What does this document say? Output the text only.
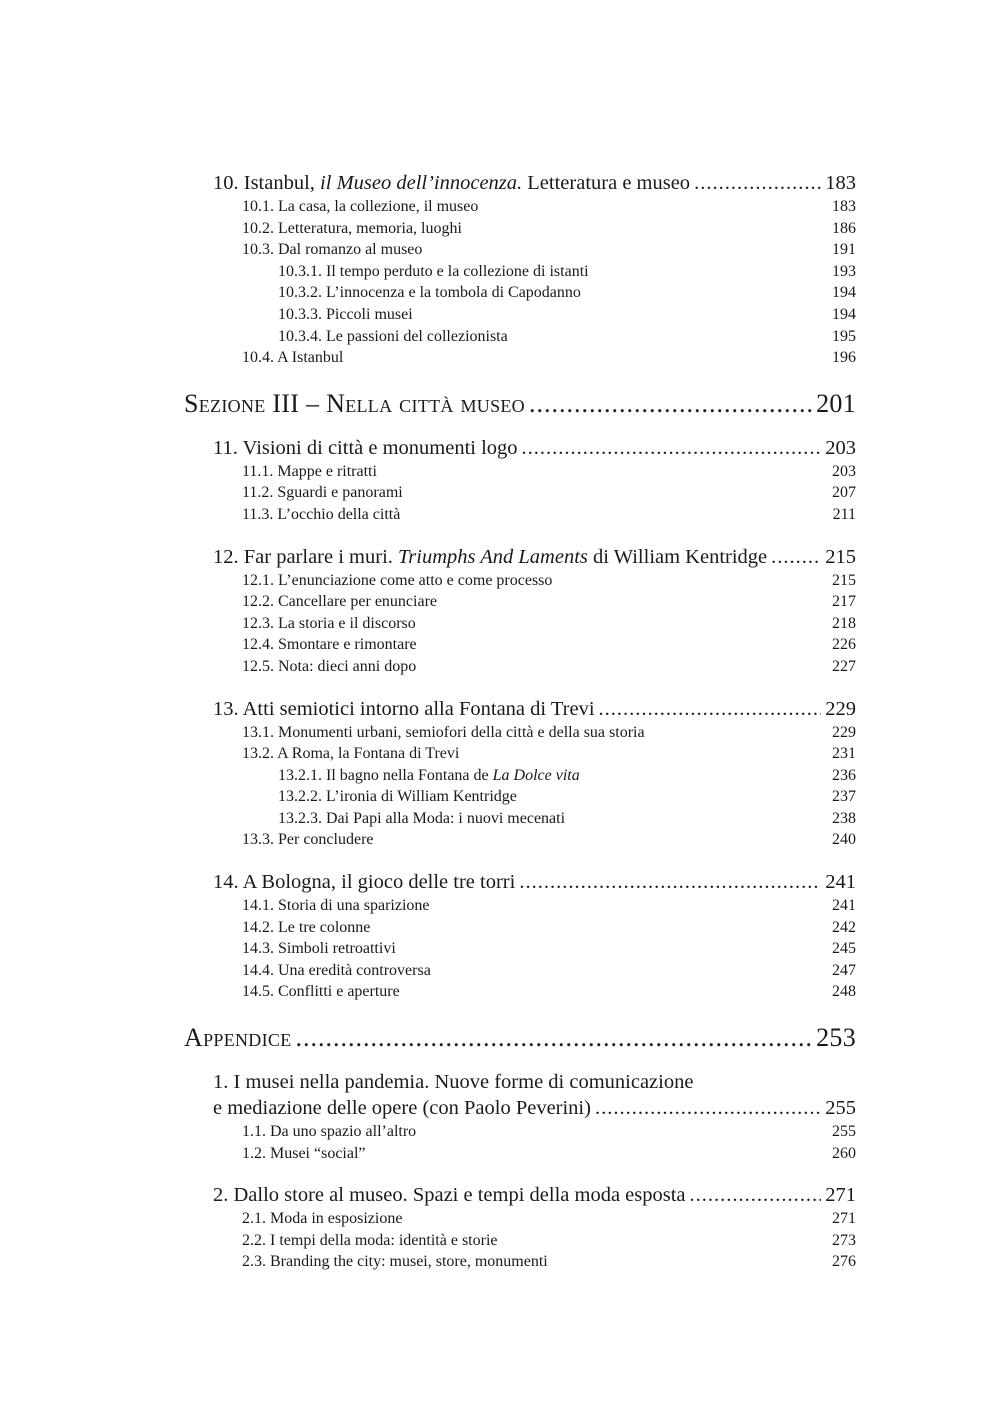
10. Istanbul, il Museo dell’innocenza. Letteratura e museo .....	183
10.1. La casa, la collezione, il museo	183
10.2. Letteratura, memoria, luoghi	186
10.3. Dal romanzo al museo	191
10.3.1. Il tempo perduto e la collezione di istanti	193
10.3.2. L’innocenza e la tombola di Capodanno	194
10.3.3. Piccoli musei	194
10.3.4. Le passioni del collezionista	195
10.4. A Istanbul	196
Sezione III – Nella città museo .....	201
11. Visioni di città e monumenti logo .....	203
11.1. Mappe e ritratti	203
11.2. Sguardi e panorami	207
11.3. L’occhio della città	211
12. Far parlare i muri. Triumphs And Laments di William Kentridge .....	215
12.1. L’enunciazione come atto e come processo	215
12.2. Cancellare per enunciare	217
12.3. La storia e il discorso	218
12.4. Smontare e rimontare	226
12.5. Nota: dieci anni dopo	227
13. Atti semiotici intorno alla Fontana di Trevi .....	229
13.1. Monumenti urbani, semiofori della città e della sua storia	229
13.2. A Roma, la Fontana di Trevi	231
13.2.1. Il bagno nella Fontana de La Dolce vita	236
13.2.2. L’ironia di William Kentridge	237
13.2.3. Dai Papi alla Moda: i nuovi mecenati	238
13.3. Per concludere	240
14. A Bologna, il gioco delle tre torri .....	241
14.1. Storia di una sparizione	241
14.2. Le tre colonne	242
14.3. Simboli retroattivi	245
14.4. Una eredità controversa	247
14.5. Conflitti e aperture	248
Appendice .....	253
1. I musei nella pandemia. Nuove forme di comunicazione
e mediazione delle opere (con Paolo Peverini) .....	255
1.1. Da uno spazio all’altro	255
1.2. Musei “social”	260
2. Dallo store al museo. Spazi e tempi della moda esposta .....	271
2.1. Moda in esposizione	271
2.2. I tempi della moda: identità e storie	273
2.3. Branding the city: musei, store, monumenti	276
